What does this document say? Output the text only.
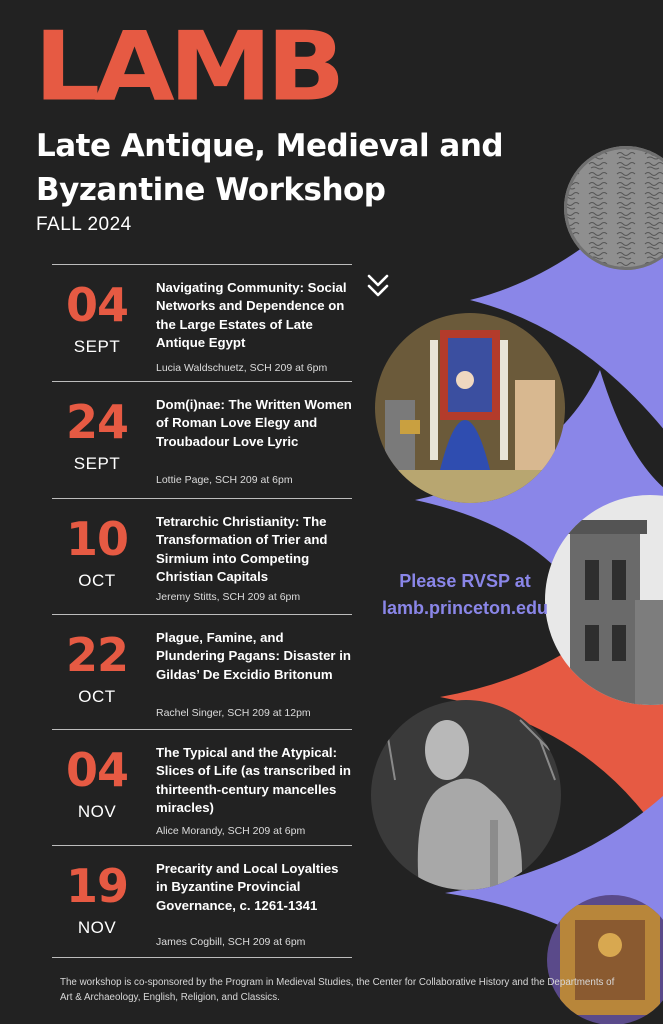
LAMB
Late Antique, Medieval and Byzantine Workshop
FALL 2024
04
SEPT
Navigating Community: Social Networks and Dependence on the Large Estates of Late Antique Egypt
Lucia Waldschuetz, SCH 209 at 6pm
24
SEPT
Dom(i)nae: The Written Women of Roman Love Elegy and Troubadour Love Lyric
Lottie Page, SCH 209 at 6pm
10
OCT
Tetrarchic Christianity: The Transformation of Trier and Sirmium into Competing Christian Capitals
Jeremy Stitts, SCH 209 at 6pm
22
OCT
Plague, Famine, and Plundering Pagans: Disaster in Gildas’ De Excidio Britonum
Rachel Singer, SCH 209 at 12pm
04
NOV
The Typical and the Atypical: Slices of Life (as transcribed in thirteenth-century mancelles miracles)
Alice Morandy, SCH 209 at 6pm
19
NOV
Precarity and Local Loyalties in Byzantine Provincial Governance, c. 1261-1341
James Cogbill, SCH 209 at 6pm
Please RVSP at
lamb.princeton.edu
The workshop is co-sponsored by the Program in Medieval Studies, the Center for Collaborative History and the Departments of Art & Archaeology, English, Religion, and Classics.
